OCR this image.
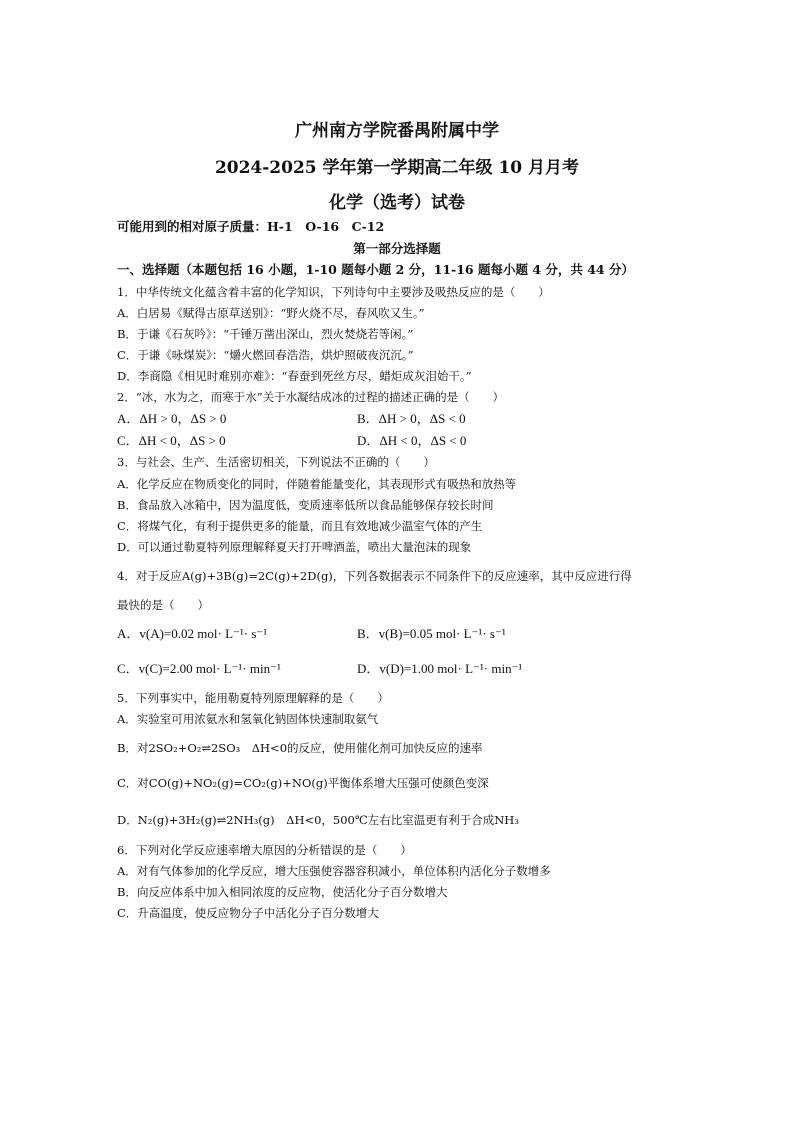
广州南方学院番禺附属中学
2024-2025 学年第一学期高二年级 10 月月考
化学（选考）试卷
可能用到的相对原子质量：H-1　O-16　C-12
第一部分选择题
一、选择题（本题包括 16 小题，1-10 题每小题 2 分，11-16 题每小题 4 分，共 44 分）
1．中华传统文化蕴含着丰富的化学知识，下列诗句中主要涉及吸热反应的是（　　）
A．白居易《赋得古原草送别》：“野火烧不尽，春风吹又生。”
B．于谦《石灰吟》：“千锤万凿出深山，烈火焚烧若等闲。”
C．于谦《咏煤炭》：“爝火燃回春浩浩，烘炉照破夜沉沉。”
D．李商隐《相见时难别亦难》：“春蚕到死丝方尽，蜡炬成灰泪始干。”
2．“冰，水为之，而寒于水”关于水凝结成冰的过程的描述正确的是（　　）
A．ΔH > 0，ΔS > 0	B．ΔH > 0，ΔS < 0
C．ΔH < 0，ΔS > 0	D．ΔH < 0，ΔS < 0
3．与社会、生产、生活密切相关，下列说法不正确的（　　）
A．化学反应在物质变化的同时，伴随着能量变化，其表现形式有吸热和放热等
B．食品放入冰箱中，因为温度低，变质速率低所以食品能够保存较长时间
C．将煤气化，有利于提供更多的能量，而且有效地减少温室气体的产生
D．可以通过勒夏特列原理解释夏天打开啤酒盖，喷出大量泡沫的现象
4．对于反应A(g)+3B(g)=2C(g)+2D(g)，下列各数据表示不同条件下的反应速率，其中反应进行得
最快的是（　　）
A．v(A)=0.02 mol· L⁻¹· s⁻¹	B．v(B)=0.05 mol· L⁻¹· s⁻¹
C．v(C)=2.00 mol· L⁻¹· min⁻¹	D．v(D)=1.00 mol· L⁻¹· min⁻¹
5．下列事实中，能用勒夏特列原理解释的是（　　）
A．实验室可用浓氨水和氢氧化钠固体快速制取氨气
B．对2SO₂+O₂⇌2SO₃　ΔH<0的反应，使用催化剂可加快反应的速率
C．对CO(g)+NO₂(g)=CO₂(g)+NO(g)平衡体系增大压强可使颜色变深
D．N₂(g)+3H₂(g)⇌2NH₃(g)　ΔH<0，500℃左右比室温更有利于合成NH₃
6．下列对化学反应速率增大原因的分析错误的是（　　）
A．对有气体参加的化学反应，增大压强使容器容积减小，单位体积内活化分子数增多
B．向反应体系中加入相同浓度的反应物，使活化分子百分数增大
C．升高温度，使反应物分子中活化分子百分数增大
